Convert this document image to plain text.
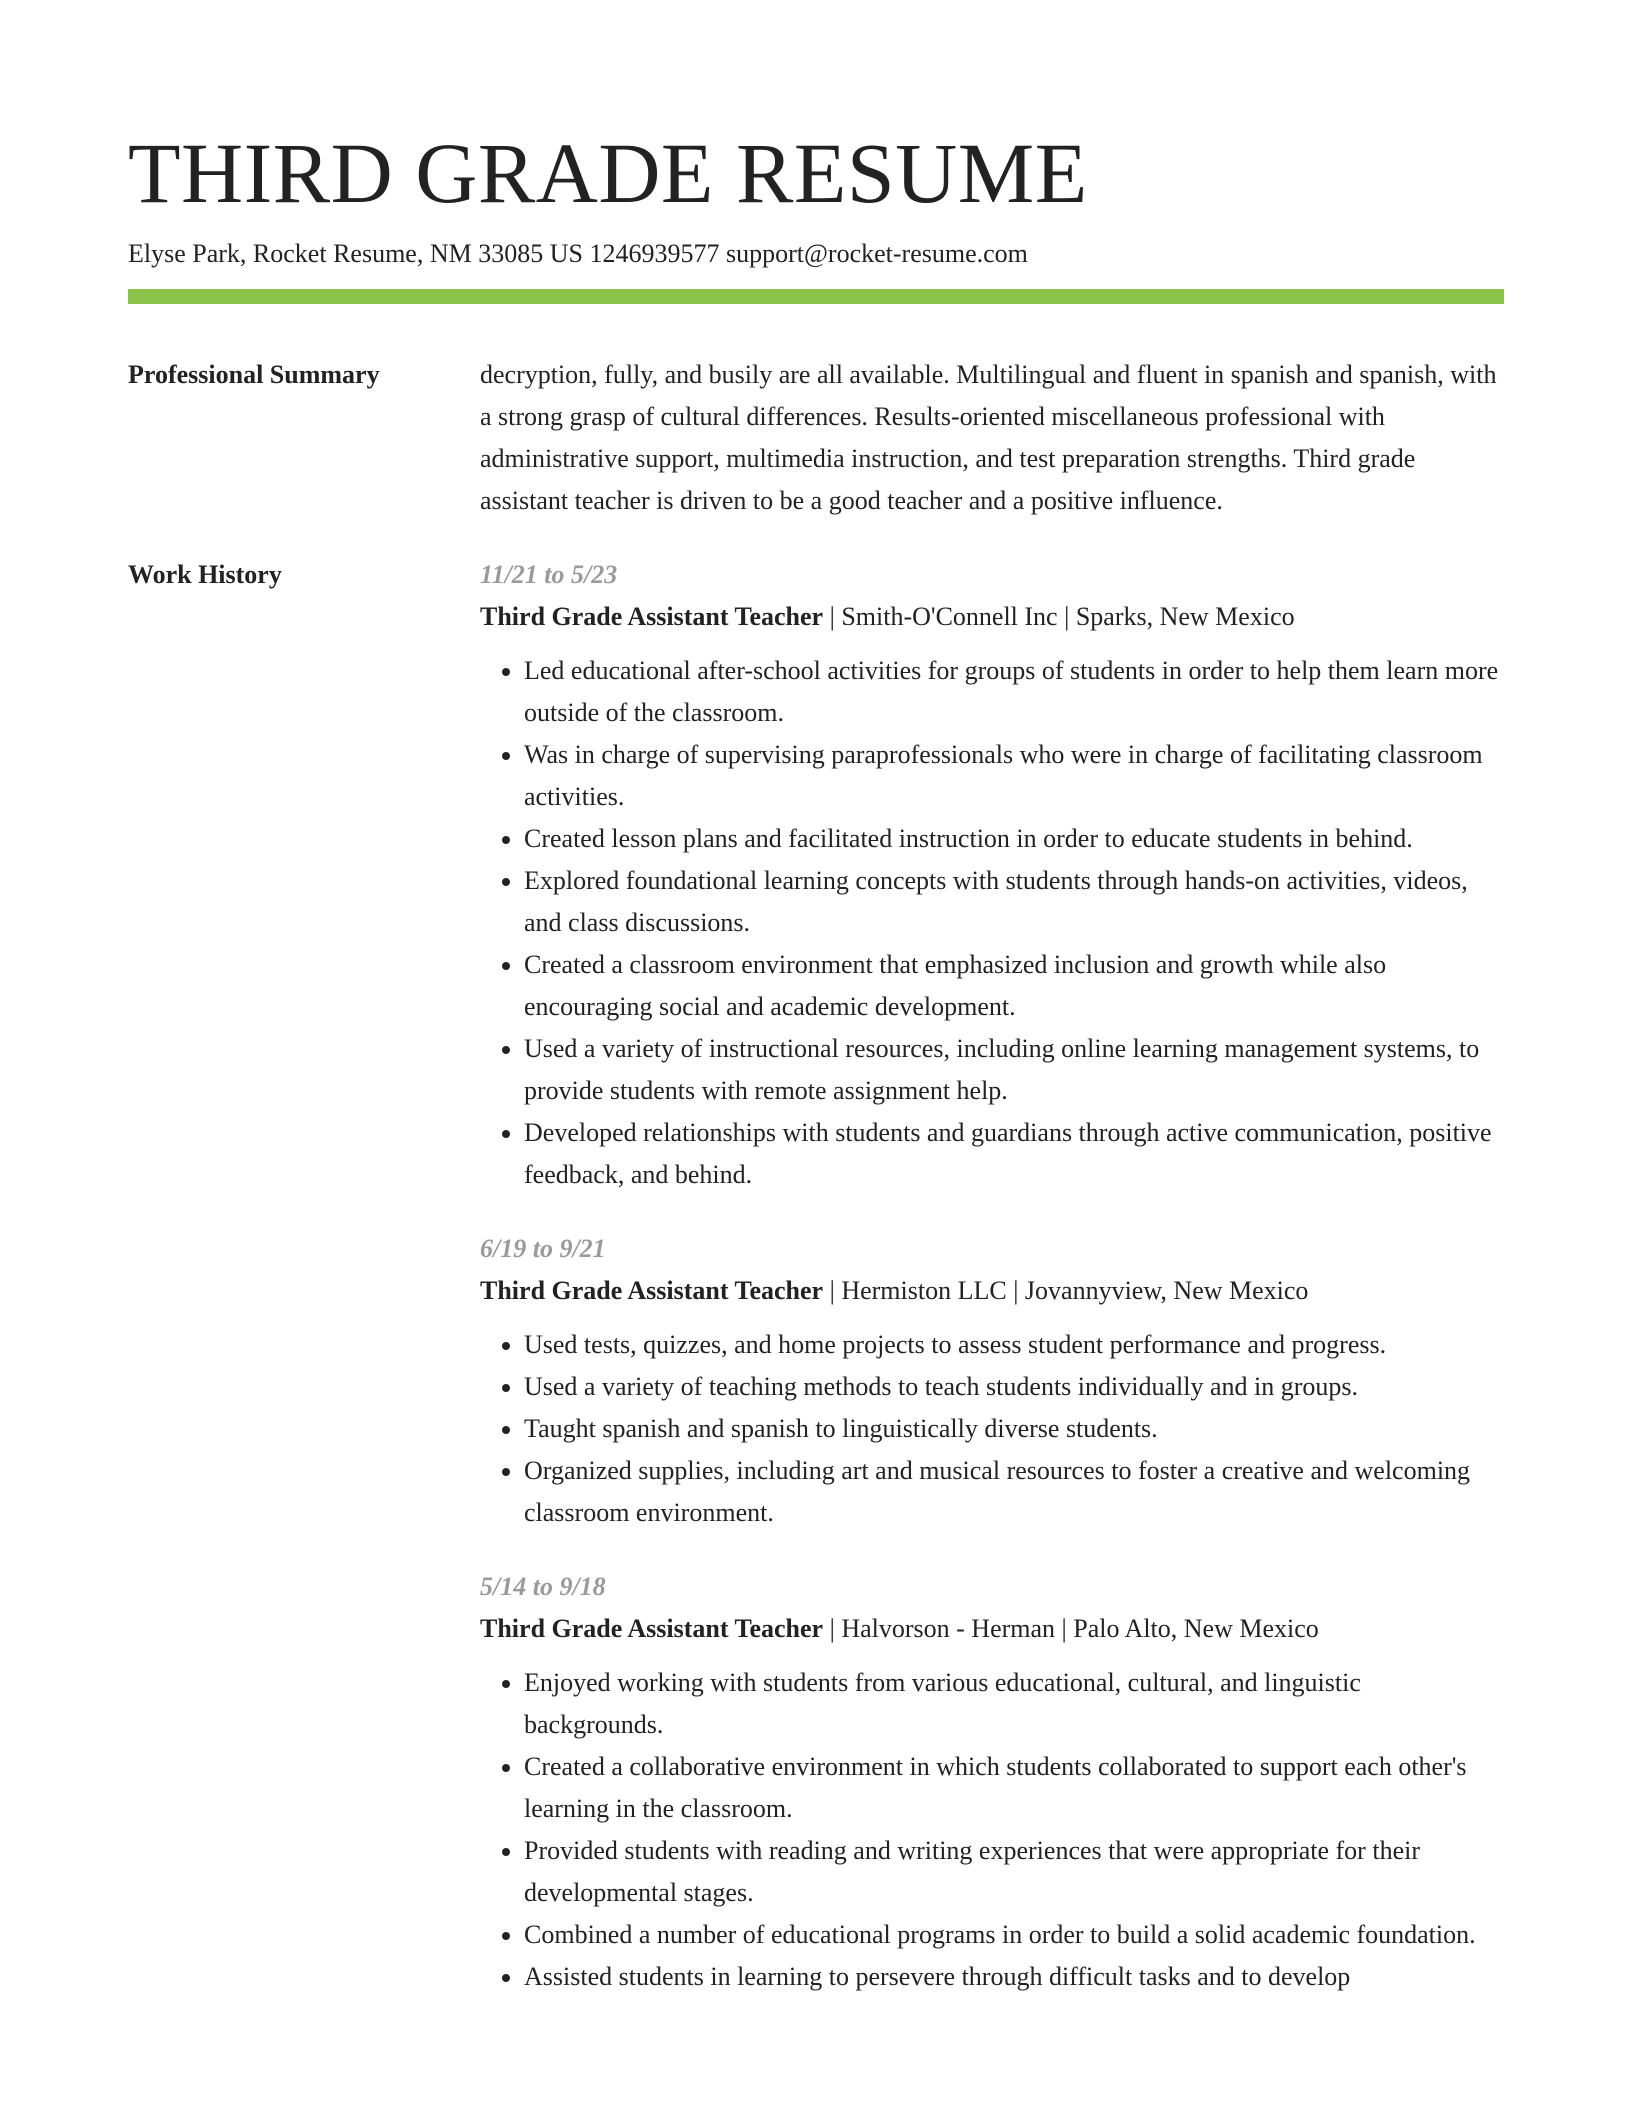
THIRD GRADE RESUME
Elyse Park, Rocket Resume, NM 33085 US 1246939577 support@rocket-resume.com
Professional Summary	decryption, fully, and busily are all available. Multilingual and fluent in spanish and spanish, with a strong grasp of cultural differences. Results-oriented miscellaneous professional with administrative support, multimedia instruction, and test preparation strengths. Third grade assistant teacher is driven to be a good teacher and a positive influence.
Work History	11/21 to 5/23
Third Grade Assistant Teacher | Smith-O'Connell Inc | Sparks, New Mexico
• Led educational after-school activities for groups of students in order to help them learn more outside of the classroom.
• Was in charge of supervising paraprofessionals who were in charge of facilitating classroom activities.
• Created lesson plans and facilitated instruction in order to educate students in behind.
• Explored foundational learning concepts with students through hands-on activities, videos, and class discussions.
• Created a classroom environment that emphasized inclusion and growth while also encouraging social and academic development.
• Used a variety of instructional resources, including online learning management systems, to provide students with remote assignment help.
• Developed relationships with students and guardians through active communication, positive feedback, and behind.
6/19 to 9/21
Third Grade Assistant Teacher | Hermiston LLC | Jovannyview, New Mexico
• Used tests, quizzes, and home projects to assess student performance and progress.
• Used a variety of teaching methods to teach students individually and in groups.
• Taught spanish and spanish to linguistically diverse students.
• Organized supplies, including art and musical resources to foster a creative and welcoming classroom environment.
5/14 to 9/18
Third Grade Assistant Teacher | Halvorson - Herman | Palo Alto, New Mexico
• Enjoyed working with students from various educational, cultural, and linguistic backgrounds.
• Created a collaborative environment in which students collaborated to support each other's learning in the classroom.
• Provided students with reading and writing experiences that were appropriate for their developmental stages.
• Combined a number of educational programs in order to build a solid academic foundation.
• Assisted students in learning to persevere through difficult tasks and to develop
